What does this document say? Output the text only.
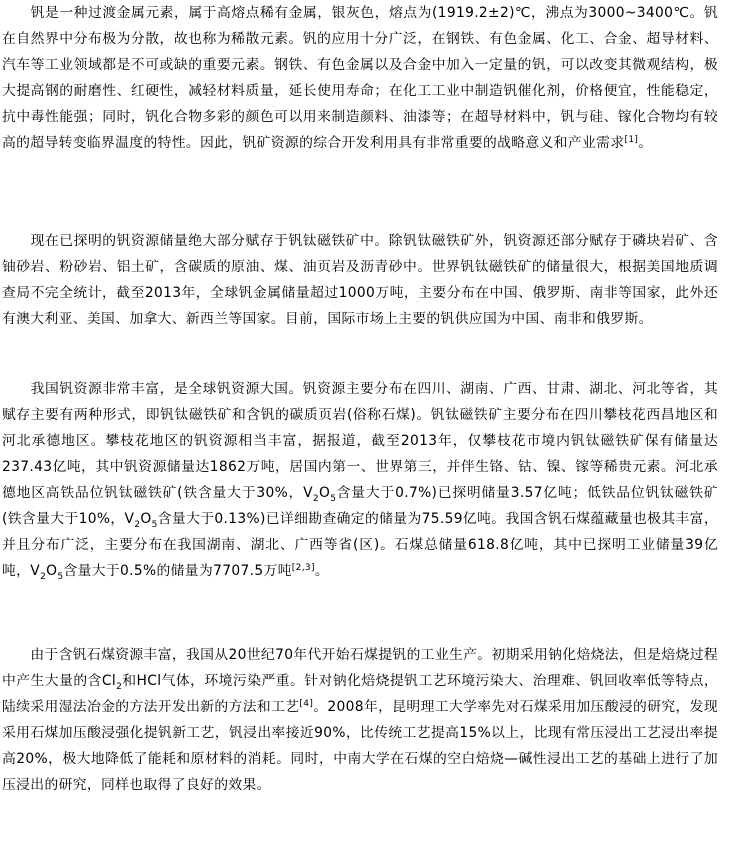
　　钒是一种过渡金属元素，属于高熔点稀有金属，银灰色，熔点为(1919.2±2)℃，沸点为3000~3400℃。钒在自然界中分布极为分散，故也称为稀散元素。钒的应用十分广泛，在钢铁、有色金属、化工、合金、超导材料、汽车等工业领域都是不可或缺的重要元素。钢铁、有色金属以及合金中加入一定量的钒，可以改变其微观结构，极大提高钢的耐磨性、红硬性，减轻材料质量，延长使用寿命；在化工工业中制造钒催化剂，价格便宜，性能稳定，抗中毒性能强；同时，钒化合物多彩的颜色可以用来制造颜料、油漆等；在超导材料中，钒与硅、镓化合物均有较高的超导转变临界温度的特性。因此，钒矿资源的综合开发利用具有非常重要的战略意义和产业需求[1]。

　　现在已探明的钒资源储量绝大部分赋存于钒钛磁铁矿中。除钒钛磁铁矿外，钒资源还部分赋存于磷块岩矿、含铀砂岩、粉砂岩、铝土矿，含碳质的原油、煤、油页岩及沥青砂中。世界钒钛磁铁矿的储量很大，根据美国地质调查局不完全统计，截至2013年，全球钒金属储量超过1000万吨，主要分布在中国、俄罗斯、南非等国家，此外还有澳大利亚、美国、加拿大、新西兰等国家。目前，国际市场上主要的钒供应国为中国、南非和俄罗斯。

　　我国钒资源非常丰富，是全球钒资源大国。钒资源主要分布在四川、湖南、广西、甘肃、湖北、河北等省，其赋存主要有两种形式，即钒钛磁铁矿和含钒的碳质页岩(俗称石煤)。钒钛磁铁矿主要分布在四川攀枝花西昌地区和河北承德地区。攀枝花地区的钒资源相当丰富，据报道，截至2013年，仅攀枝花市境内钒钛磁铁矿保有储量达237.43亿吨，其中钒资源储量达1862万吨，居国内第一、世界第三，并伴生铬、钴、镍、镓等稀贵元素。河北承德地区高铁品位钒钛磁铁矿(铁含量大于30%，$V_2O_5$含量大于0.7%)已探明储量3.57亿吨；低铁品位钒钛磁铁矿(铁含量大于10%，$V_2O_5$含量大于0.13%)已详细勘查确定的储量为75.59亿吨。我国含钒石煤蕴藏量也极其丰富，并且分布广泛，主要分布在我国湖南、湖北、广西等省(区)。石煤总储量618.8亿吨，其中已探明工业储量39亿吨，$V_2O_5$含量大于0.5%的储量为7707.5万吨[2,3]。

　　由于含钒石煤资源丰富，我国从20世纪70年代开始石煤提钒的工业生产。初期采用钠化焙烧法，但是焙烧过程中产生大量的含$Cl_2$和HCl气体，环境污染严重。针对钠化焙烧提钒工艺环境污染大、治理难、钒回收率低等特点，陆续采用湿法冶金的方法开发出新的方法和工艺[4]。2008年，昆明理工大学率先对石煤采用加压酸浸的研究，发现采用石煤加压酸浸强化提钒新工艺，钒浸出率接近90%，比传统工艺提高15%以上，比现有常压浸出工艺浸出率提高20%，极大地降低了能耗和原材料的消耗。同时，中南大学在石煤的空白焙烧—碱性浸出工艺的基础上进行了加压浸出的研究，同样也取得了良好的效果。
